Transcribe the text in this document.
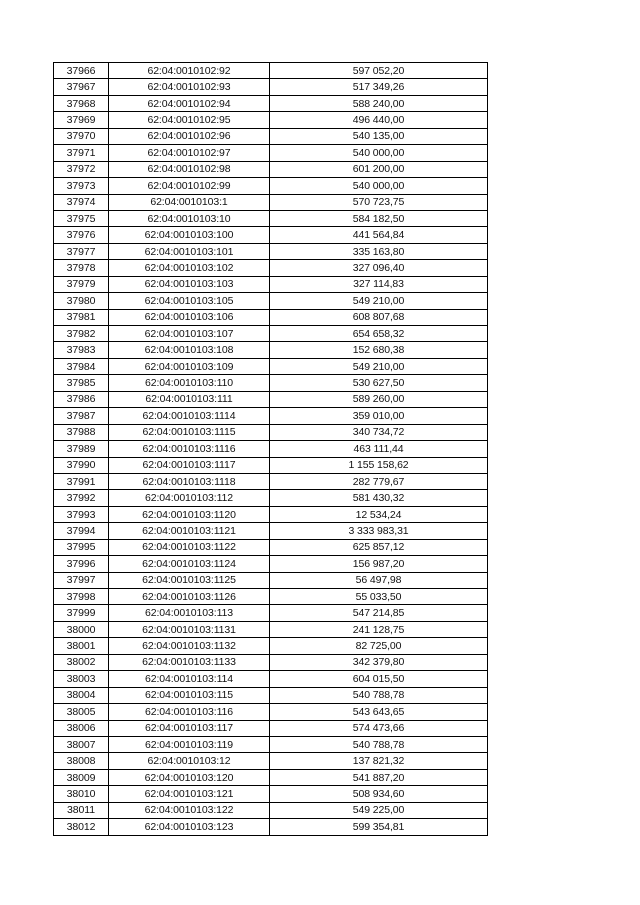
37966	62:04:0010102:92	597 052,20
37967	62:04:0010102:93	517 349,26
37968	62:04:0010102:94	588 240,00
37969	62:04:0010102:95	496 440,00
37970	62:04:0010102:96	540 135,00
37971	62:04:0010102:97	540 000,00
37972	62:04:0010102:98	601 200,00
37973	62:04:0010102:99	540 000,00
37974	62:04:0010103:1	570 723,75
37975	62:04:0010103:10	584 182,50
37976	62:04:0010103:100	441 564,84
37977	62:04:0010103:101	335 163,80
37978	62:04:0010103:102	327 096,40
37979	62:04:0010103:103	327 114,83
37980	62:04:0010103:105	549 210,00
37981	62:04:0010103:106	608 807,68
37982	62:04:0010103:107	654 658,32
37983	62:04:0010103:108	152 680,38
37984	62:04:0010103:109	549 210,00
37985	62:04:0010103:110	530 627,50
37986	62:04:0010103:111	589 260,00
37987	62:04:0010103:1114	359 010,00
37988	62:04:0010103:1115	340 734,72
37989	62:04:0010103:1116	463 111,44
37990	62:04:0010103:1117	1 155 158,62
37991	62:04:0010103:1118	282 779,67
37992	62:04:0010103:112	581 430,32
37993	62:04:0010103:1120	12 534,24
37994	62:04:0010103:1121	3 333 983,31
37995	62:04:0010103:1122	625 857,12
37996	62:04:0010103:1124	156 987,20
37997	62:04:0010103:1125	56 497,98
37998	62:04:0010103:1126	55 033,50
37999	62:04:0010103:113	547 214,85
38000	62:04:0010103:1131	241 128,75
38001	62:04:0010103:1132	82 725,00
38002	62:04:0010103:1133	342 379,80
38003	62:04:0010103:114	604 015,50
38004	62:04:0010103:115	540 788,78
38005	62:04:0010103:116	543 643,65
38006	62:04:0010103:117	574 473,66
38007	62:04:0010103:119	540 788,78
38008	62:04:0010103:12	137 821,32
38009	62:04:0010103:120	541 887,20
38010	62:04:0010103:121	508 934,60
38011	62:04:0010103:122	549 225,00
38012	62:04:0010103:123	599 354,81
